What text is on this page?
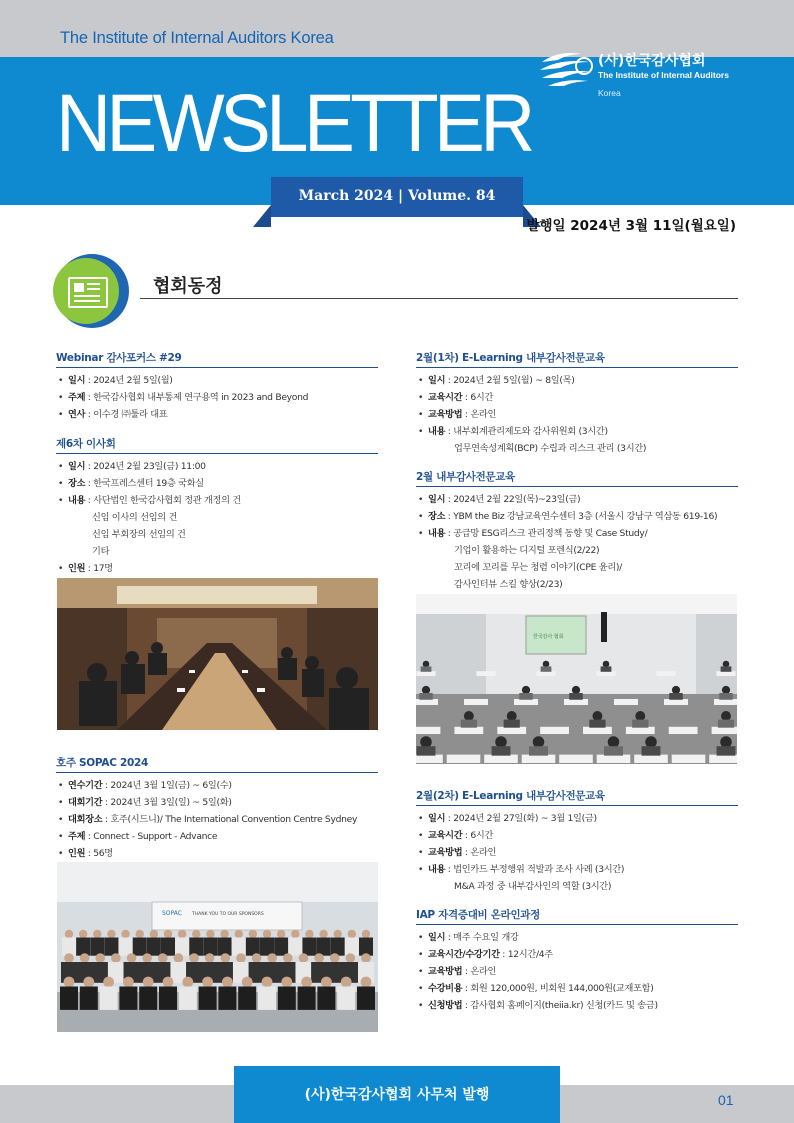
The Institute of Internal Auditors Korea
NEWSLETTER
(사)한국감사협회
The Institute of Internal Auditors
Korea
March 2024 | Volume. 84
발행일 2024년 3월 11일(월요일)
협회동정
Webinar 감사포커스 #29
• 일시 : 2024년 2월 5일(월)
• 주제 : 한국감사협회 내부통제 연구용역 in 2023 and Beyond
• 연사 : 이수경 ㈜툴라 대표
제6차 이사회
• 일시 : 2024년 2월 23일(금) 11:00
• 장소 : 한국프레스센터 19층 국화실
• 내용 : 사단법인 한국감사협회 정관 개정의 건
신임 이사의 선임의 건
신임 부회장의 선임의 건
기타
• 인원 : 17명
호주 SOPAC 2024
• 연수기간 : 2024년 3월 1일(금) ~ 6일(수)
• 대회기간 : 2024년 3월 3일(일) ~ 5일(화)
• 대회장소 : 호주(시드니)/ The International Convention Centre Sydney
• 주제 : Connect - Support - Advance
• 인원 : 56명
SOPAC THANK YOU TO OUR SPONSORS
2월(1차) E-Learning 내부감사전문교육
• 일시 : 2024년 2월 5일(월) ~ 8일(목)
• 교육시간 : 6시간
• 교육방법 : 온라인
• 내용 : 내부회계관리제도와 감사위원회 (3시간)
업무연속성계획(BCP) 수립과 리스크 관리 (3시간)
2월 내부감사전문교육
• 일시 : 2024년 2월 22일(목)~23일(금)
• 장소 : YBM the Biz 강남교육연수센터 3층 (서울시 강남구 역삼동 619-16)
• 내용 : 공급망 ESG리스크 관리정책 동향 및 Case Study/
기업이 활용하는 디지털 포렌식(2/22)
꼬리에 꼬리를 무는 청렴 이야기(CPE 윤리)/
감사인터뷰 스킬 향상(2/23)
한국감사 협회
2월(2차) E-Learning 내부감사전문교육
• 일시 : 2024년 2월 27일(화) ~ 3월 1일(금)
• 교육시간 : 6시간
• 교육방법 : 온라인
• 내용 : 법인카드 부정행위 적발과 조사 사례 (3시간)
M&A 과정 중 내부감사인의 역할 (3시간)
IAP 자격증대비 온라인과정
• 일시 : 매주 수요일 개강
• 교육시간/수강기간 : 12시간/4주
• 교육방법 : 온라인
• 수강비용 : 회원 120,000원, 비회원 144,000원(교재포함)
• 신청방법 : 감사협회 홈페이지(theiia.kr) 신청(카드 및 송금)
(사)한국감사협회 사무처 발행	01
